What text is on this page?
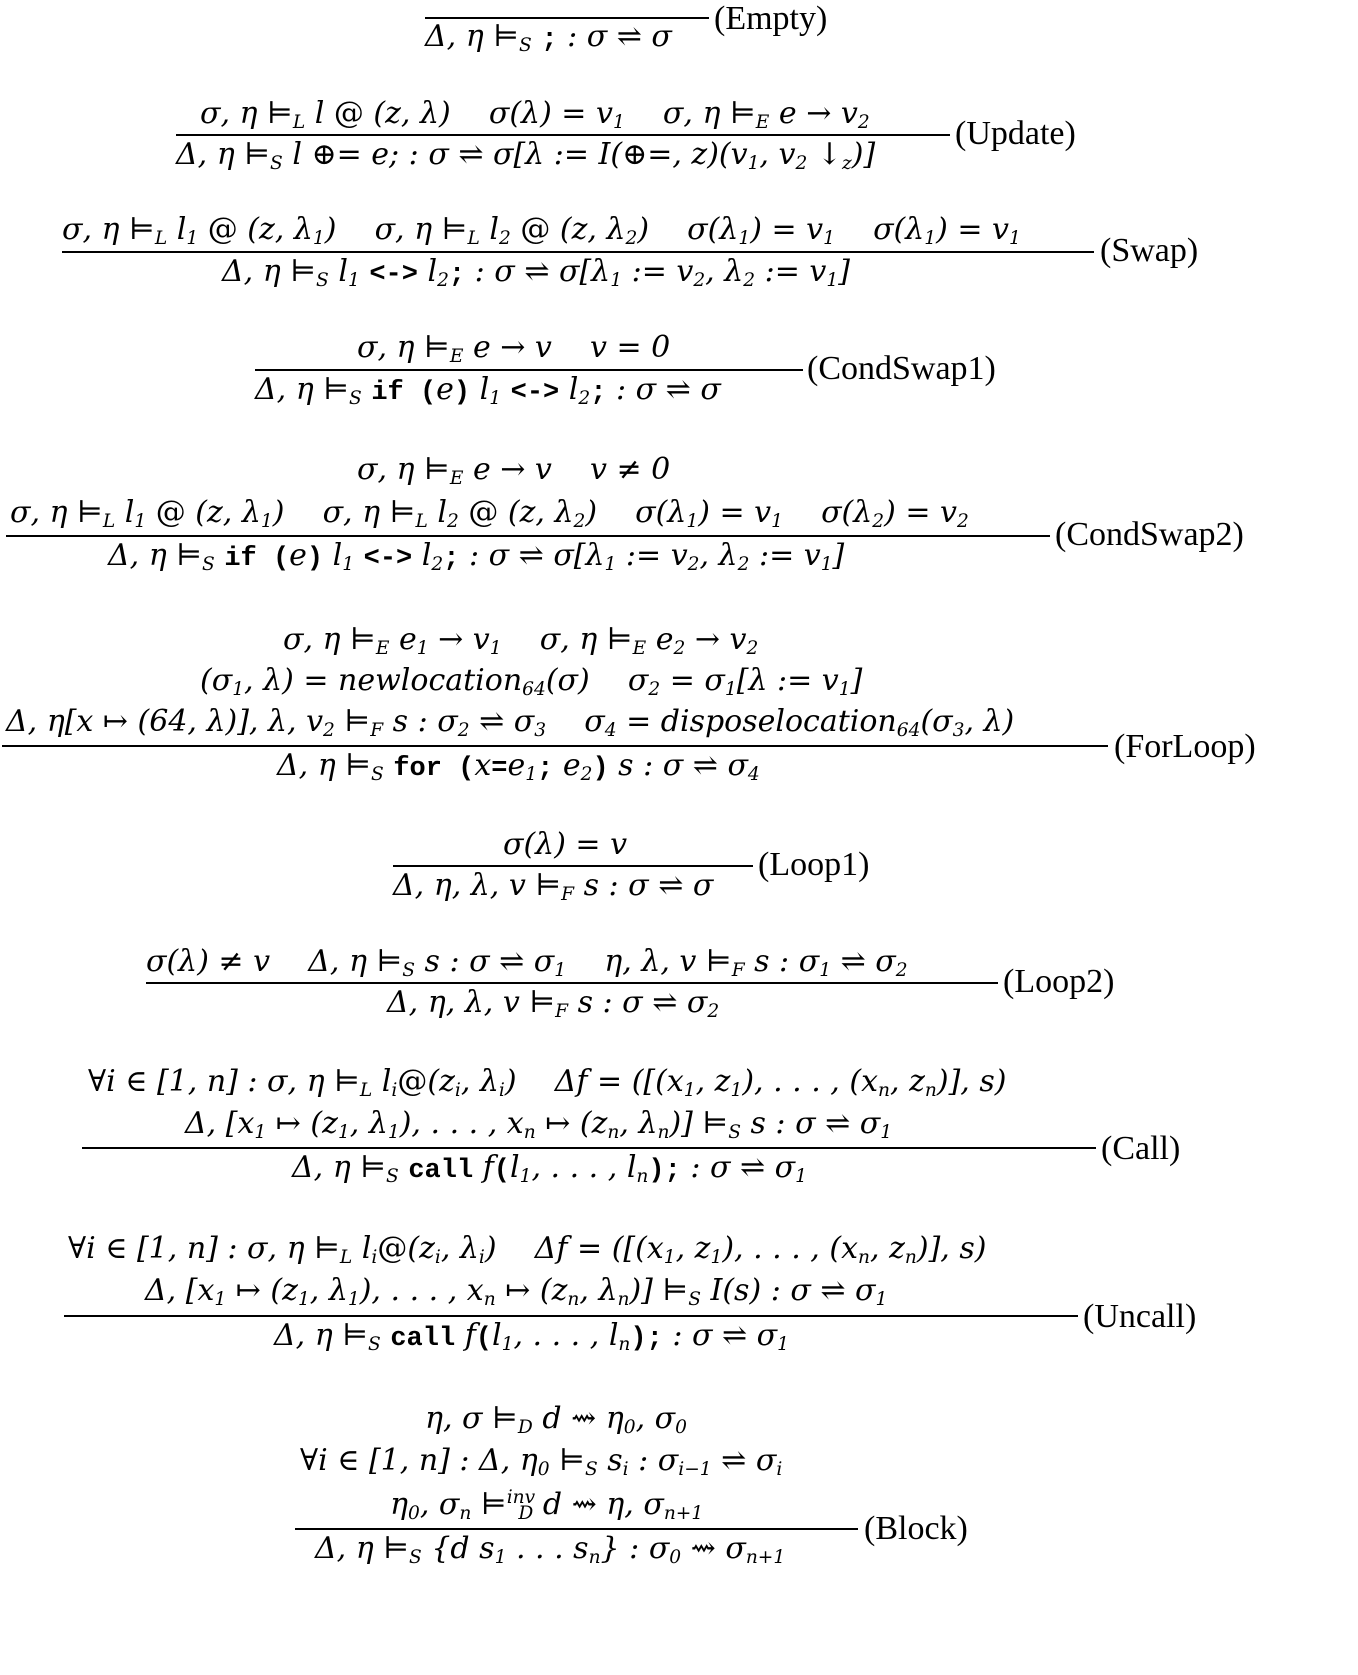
Δ, η $⊨_S$ ; : σ ⇌ σ (Empty)
σ, η $⊨_L$ l @ (z, λ)    $\sigma(\lambda) = v_1$    σ, η $⊨_E$ $e \to v_2$
Δ, η $⊨_S$ l ⊕= e; : σ ⇌ σ[λ := I(⊕=, $z)(v_1$, $v_2$ $↓_z$)]
(Update)
σ, η $⊨_L$ $l_1$ @ (z, $\lambda_1$)    σ, η $⊨_L$ $l_2$ @ (z, $\lambda_2$)    $\sigma(\lambda_1) = v_1$    $\sigma(\lambda_1) = v_1$
Δ, η $⊨_S$ $l_1$ <-> $l_2$; : σ ⇌ $\sigma[\lambda_1$ := $v_2$, $\lambda_2$ := $v_1$]
(Swap)
σ, η $⊨_E$ e → v    v = 0
Δ, η $⊨_S$ if (e) $l_1$ <-> $l_2$; : σ ⇌ σ
(CondSwap1)
σ, η $⊨_E$ e → v    v ≠ 0
σ, η $⊨_L$ $l_1$ @ (z, $\lambda_1$)    σ, η $⊨_L$ $l_2$ @ (z, $\lambda_2$)    $\sigma(\lambda_1) = v_1$    $\sigma(\lambda_2) = v_2$
Δ, η $⊨_S$ if (e) $l_1$ <-> $l_2$; : σ ⇌ $\sigma[\lambda_1$ := $v_2$, $\lambda_2$ := $v_1$]
(CondSwap2)
σ, η $⊨_E$ $e_1 \to v_1$    σ, η $⊨_E$ $e_2 \to v_2$
($\sigma_1$, λ) = newlocation$_{64}$(σ)    $\sigma_2 = \sigma_1[\lambda$ := $v_1$]
Δ, η[x ↦ (64, λ)], λ, $v_2$ $⊨_F$ s : $\sigma_2$ ⇌ $\sigma_3$    $\sigma_4$ = $disposelocation_{64}(\sigma_3$, λ)
Δ, η $⊨_S$ for ($x=e_1$; $e_2$) s : σ ⇌ $\sigma_4$
(ForLoop)
σ(λ) = v
Δ, η, λ, v $⊨_F$ s : σ ⇌ σ
(Loop1)
σ(λ) ≠ v    Δ, η $⊨_S$ s : σ ⇌ $\sigma_1$    η, λ, v $⊨_F$ s : $\sigma_1$ ⇌ $\sigma_2$
Δ, η, λ, v $⊨_F$ s : σ ⇌ $\sigma_2$
(Loop2)
∀i ∈ [1, n] : σ, η $⊨_L$ $l_i@(z_i$, $\lambda_i$)    $\Delta f = ([(x_1$, $z_1$), . . . , ($x_n$, $z_n$)], s)
Δ, [$x_1$ ↦ ($z_1$, $\lambda_1$), . . . , $x_n$ ↦ ($z_n$, $\lambda_n$)] $⊨_S$ s : σ ⇌ $\sigma_1$
Δ, η $⊨_S$ call $f(l_1$, . . . , $l_n$); : σ ⇌ $\sigma_1$
(Call)
∀i ∈ [1, n] : σ, η $⊨_L$ $l_i@(z_i$, $\lambda_i$)    $\Delta f = ([(x_1$, $z_1$), . . . , ($x_n$, $z_n$)], s)
Δ, [$x_1$ ↦ ($z_1$, $\lambda_1$), . . . , $x_n$ ↦ ($z_n$, $\lambda_n$)] $⊨_S$ I(s) : σ ⇌ $\sigma_1$
Δ, η $⊨_S$ call $f(l_1$, . . . , $l_n$); : σ ⇌ $\sigma_1$
(Uncall)
η, σ $⊨_D$ d ⇝ $\eta_0$, $\sigma_0$
∀i ∈ [1, n] : Δ, $\eta_0$ $⊨_S$ $s_i$ : $\sigma_{i-1}$ ⇌ $\sigma_i$
$\eta_0$, $\sigma_n$ ⊨$^{inv}_D$ d ⇝ η, $\sigma_{n+1}$
Δ, η $⊨_S$ {d $s_1$ . . . $s_n$} : $\sigma_0$ ⇝ $\sigma_{n+1}$
(Block)
